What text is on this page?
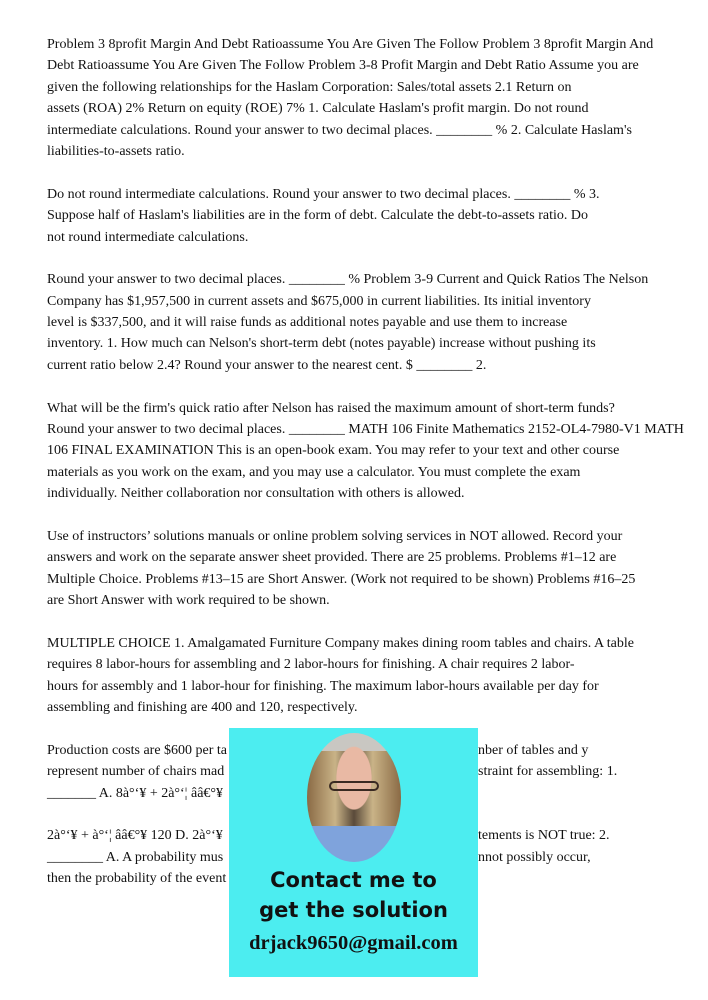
Problem 3 8profit Margin And Debt Ratioassume You Are Given The Follow Problem 3 8profit Margin And
Debt Ratioassume You Are Given The Follow Problem 3-8 Profit Margin and Debt Ratio Assume you are
given the following relationships for the Haslam Corporation: Sales/total assets 2.1 Return on
assets (ROA) 2% Return on equity (ROE) 7% 1. Calculate Haslam's profit margin. Do not round
intermediate calculations. Round your answer to two decimal places. ________ % 2. Calculate Haslam's
liabilities-to-assets ratio.

Do not round intermediate calculations. Round your answer to two decimal places. ________ % 3.
Suppose half of Haslam's liabilities are in the form of debt. Calculate the debt-to-assets ratio. Do
not round intermediate calculations.

Round your answer to two decimal places. ________ % Problem 3-9 Current and Quick Ratios The Nelson
Company has $1,957,500 in current assets and $675,000 in current liabilities. Its initial inventory
level is $337,500, and it will raise funds as additional notes payable and use them to increase
inventory. 1. How much can Nelson's short-term debt (notes payable) increase without pushing its
current ratio below 2.4? Round your answer to the nearest cent. $ ________ 2.

What will be the firm's quick ratio after Nelson has raised the maximum amount of short-term funds?
Round your answer to two decimal places. ________ MATH 106 Finite Mathematics 2152-OL4-7980-V1 MATH
106 FINAL EXAMINATION This is an open-book exam. You may refer to your text and other course
materials as you work on the exam, and you may use a calculator. You must complete the exam
individually. Neither collaboration nor consultation with others is allowed.

Use of instructors’ solutions manuals or online problem solving services in NOT allowed. Record your
answers and work on the separate answer sheet provided. There are 25 problems. Problems #1–12 are
Multiple Choice. Problems #13–15 are Short Answer. (Work not required to be shown) Problems #16–25
are Short Answer with work required to be shown.

MULTIPLE CHOICE 1. Amalgamated Furniture Company makes dining room tables and chairs. A table
requires 8 labor-hours for assembling and 2 labor-hours for finishing. A chair requires 2 labor-
hours for assembly and 1 labor-hour for finishing. The maximum labor-hours available per day for
assembling and finishing are 400 and 120, respectively.

Production costs are $600 per ta	nber of tables and y
represent number of chairs mad	straint for assembling: 1.
_______ A. 8à°‘¥ + 2à°‘¦ ââ€°¥

2à°‘¥ + à°‘¦ ââ€°¥ 120 D. 2à°‘¥	tements is NOT true: 2.
________ A. A probability mus	nnot possibly occur,
then the probability of the event	Contact me to
get the solution
drjack9650@gmail.com
